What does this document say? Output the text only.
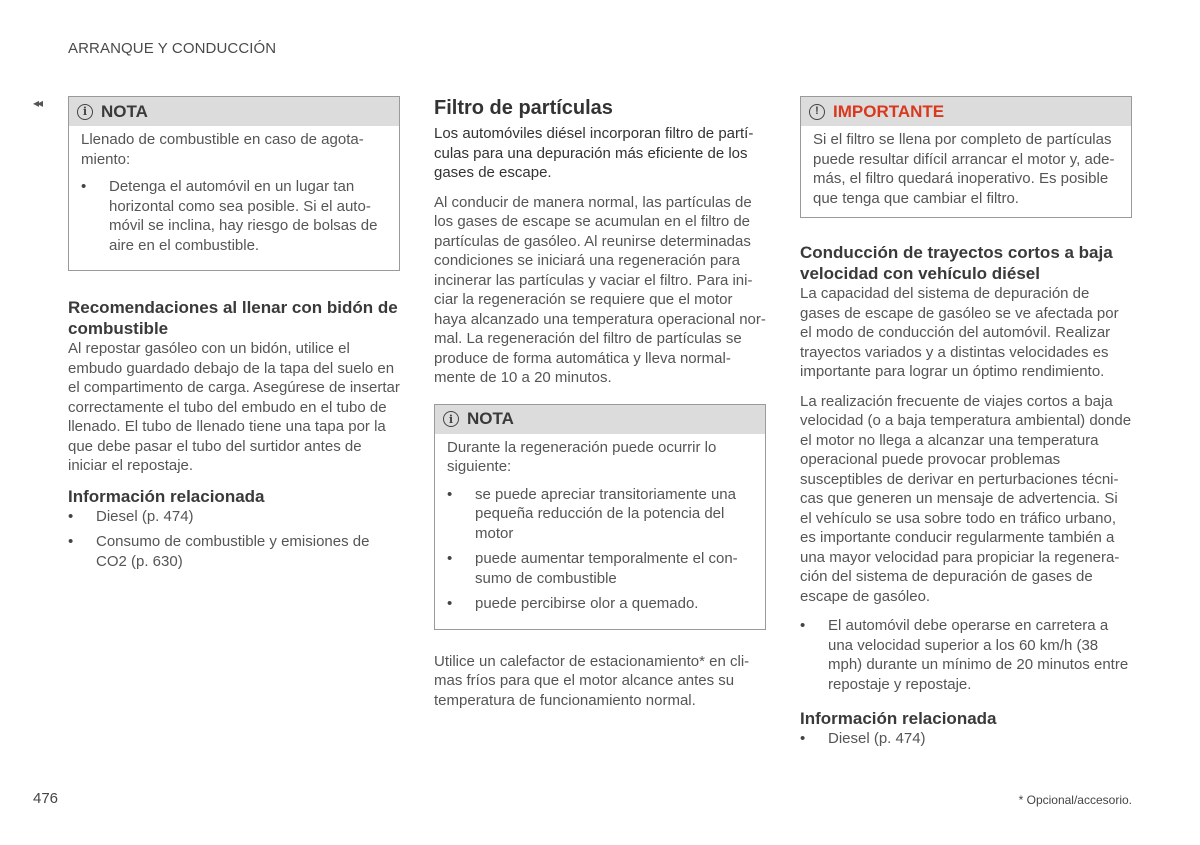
ARRANQUE Y CONDUCCIÓN
◂◂
i NOTA

Llenado de combustible en caso de agotamiento:

• Detenga el automóvil en un lugar tan horizontal como sea posible. Si el automóvil se inclina, hay riesgo de bolsas de aire en el combustible.
Recomendaciones al llenar con bidón de combustible

Al repostar gasóleo con un bidón, utilice el embudo guardado debajo de la tapa del suelo en el compartimento de carga. Asegúrese de insertar correctamente el tubo del embudo en el tubo de llenado. El tubo de llenado tiene una tapa por la que debe pasar el tubo del surtidor antes de iniciar el repostaje.

Información relacionada
• Diesel (p. 474)
• Consumo de combustible y emisiones de CO2 (p. 630)
Filtro de partículas

Los automóviles diésel incorporan filtro de partículas para una depuración más eficiente de los gases de escape.

Al conducir de manera normal, las partículas de los gases de escape se acumulan en el filtro de partículas de gasóleo. Al reunirse determinadas condiciones se iniciará una regeneración para incinerar las partículas y vaciar el filtro. Para iniciar la regeneración se requiere que el motor haya alcanzado una temperatura operacional normal. La regeneración del filtro de partículas se produce de forma automática y lleva normalmente de 10 a 20 minutos.

i NOTA

Durante la regeneración puede ocurrir lo siguiente:

• se puede apreciar transitoriamente una pequeña reducción de la potencia del motor
• puede aumentar temporalmente el consumo de combustible
• puede percibirse olor a quemado.

Utilice un calefactor de estacionamiento* en climas fríos para que el motor alcance antes su temperatura de funcionamiento normal.

! IMPORTANTE

Si el filtro se llena por completo de partículas puede resultar difícil arrancar el motor y, además, el filtro quedará inoperativo. Es posible que tenga que cambiar el filtro.

Conducción de trayectos cortos a baja velocidad con vehículo diésel

La capacidad del sistema de depuración de gases de escape de gasóleo se ve afectada por el modo de conducción del automóvil. Realizar trayectos variados y a distintas velocidades es importante para lograr un óptimo rendimiento.

La realización frecuente de viajes cortos a baja velocidad (o a baja temperatura ambiental) donde el motor no llega a alcanzar una temperatura operacional puede provocar problemas susceptibles de derivar en perturbaciones técnicas que generen un mensaje de advertencia. Si el vehículo se usa sobre todo en tráfico urbano, es importante conducir regularmente también a una mayor velocidad para propiciar la regeneración del sistema de depuración de gases de escape de gasóleo.

• El automóvil debe operarse en carretera a una velocidad superior a los 60 km/h (38 mph) durante un mínimo de 20 minutos entre repostaje y repostaje.
Información relacionada
• Diesel (p. 474)
476	* Opcional/accesorio.
